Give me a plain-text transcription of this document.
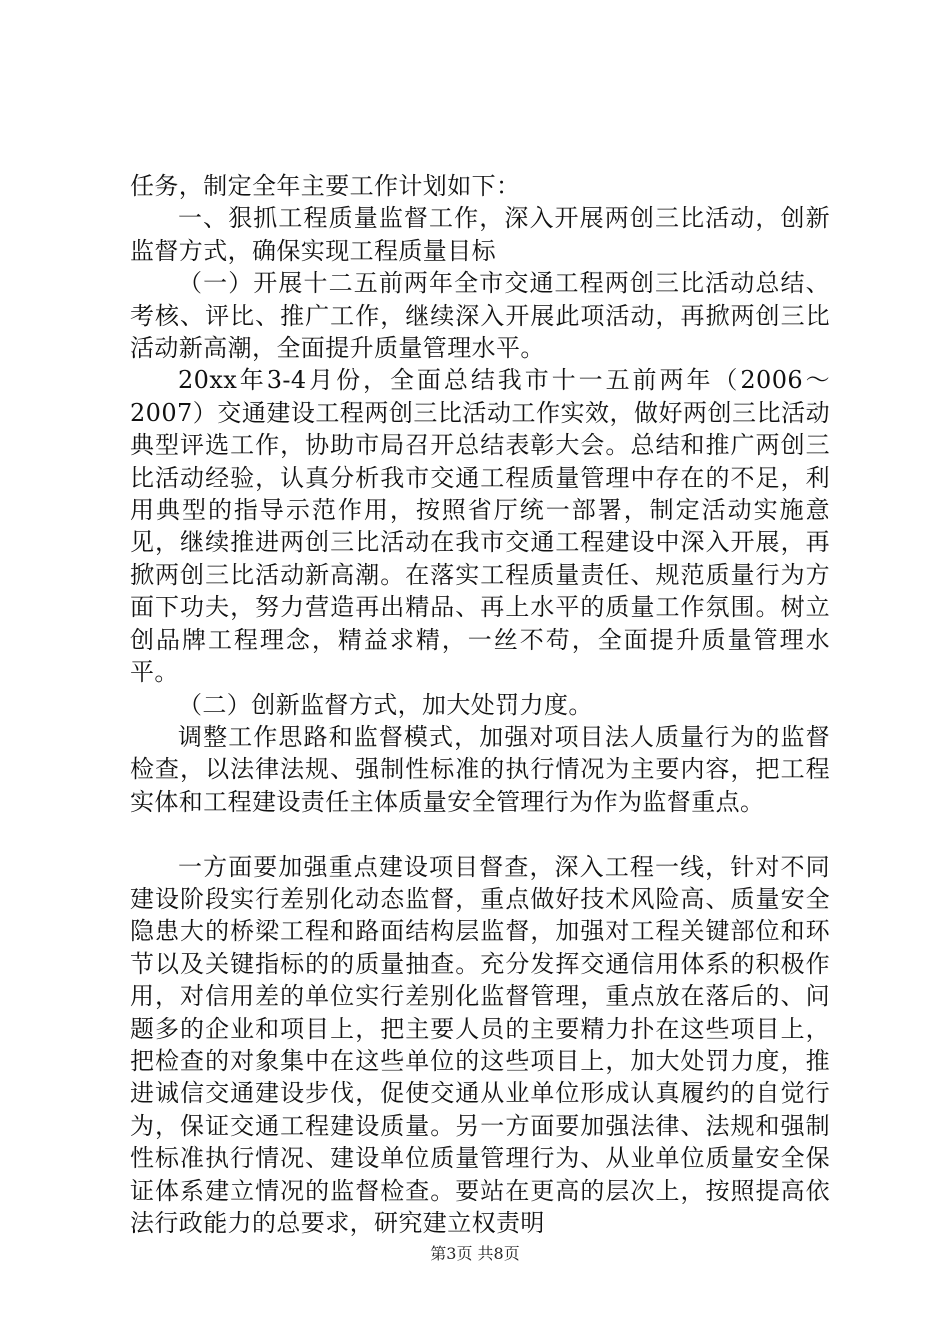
任务，制定全年主要工作计划如下：

一、狠抓工程质量监督工作，深入开展两创三比活动，创新监督方式，确保实现工程质量目标

（一）开展十二五前两年全市交通工程两创三比活动总结、考核、评比、推广工作，继续深入开展此项活动，再掀两创三比活动新高潮，全面提升质量管理水平。

20xx年3-4月份，全面总结我市十一五前两年（2006～2007）交通建设工程两创三比活动工作实效，做好两创三比活动典型评选工作，协助市局召开总结表彰大会。总结和推广两创三比活动经验，认真分析我市交通工程质量管理中存在的不足，利用典型的指导示范作用，按照省厅统一部署，制定活动实施意见，继续推进两创三比活动在我市交通工程建设中深入开展，再掀两创三比活动新高潮。在落实工程质量责任、规范质量行为方面下功夫，努力营造再出精品、再上水平的质量工作氛围。树立创品牌工程理念，精益求精，一丝不苟，全面提升质量管理水平。

（二）创新监督方式，加大处罚力度。

调整工作思路和监督模式，加强对项目法人质量行为的监督检查，以法律法规、强制性标准的执行情况为主要内容，把工程实体和工程建设责任主体质量安全管理行为作为监督重点。

一方面要加强重点建设项目督查，深入工程一线，针对不同建设阶段实行差别化动态监督，重点做好技术风险高、质量安全隐患大的桥梁工程和路面结构层监督，加强对工程关键部位和环节以及关键指标的的质量抽查。充分发挥交通信用体系的积极作用，对信用差的单位实行差别化监督管理，重点放在落后的、问题多的企业和项目上，把主要人员的主要精力扑在这些项目上，把检查的对象集中在这些单位的这些项目上，加大处罚力度，推进诚信交通建设步伐，促使交通从业单位形成认真履约的自觉行为，保证交通工程建设质量。另一方面要加强法律、法规和强制性标准执行情况、建设单位质量管理行为、从业单位质量安全保证体系建立情况的监督检查。要站在更高的层次上，按照提高依法行政能力的总要求，研究建立权责明

第3页 共8页
